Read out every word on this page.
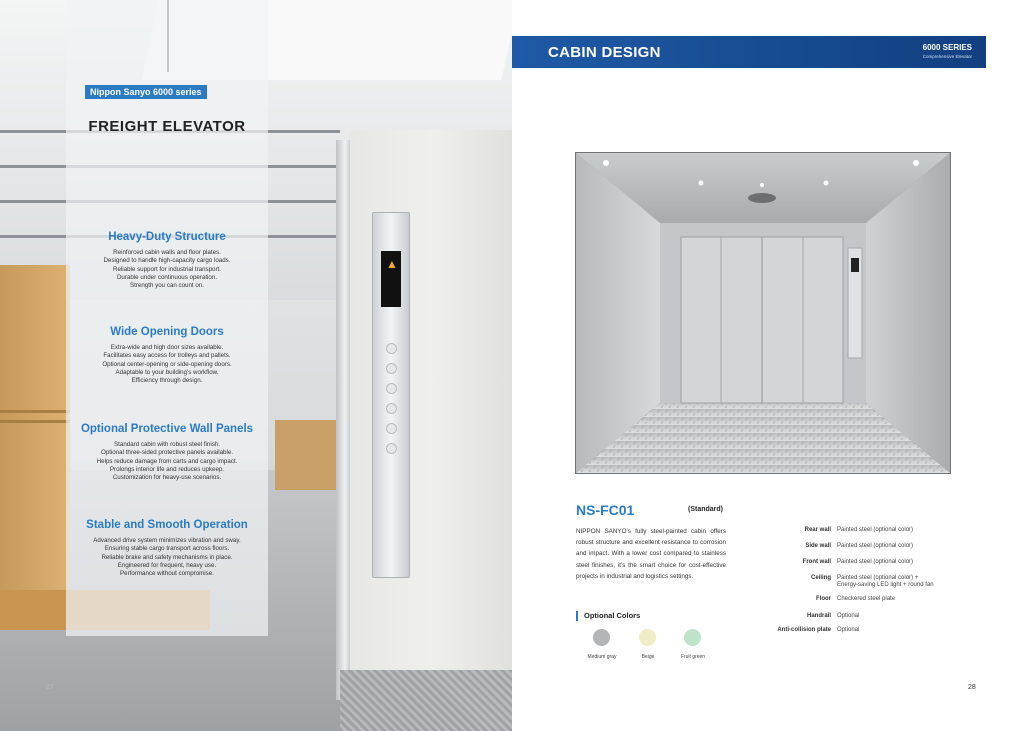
▲
Nippon Sanyo 6000 series
FREIGHT ELEVATOR
Heavy-Duty Structure
Reinforced cabin walls and floor plates.
Designed to handle high-capacity cargo loads.
Reliable support for industrial transport.
Durable under continuous operation.
Strength you can count on.
Wide Opening Doors
Extra-wide and high door sizes available.
Facilitates easy access for trolleys and pallets.
Optional center-opening or side-opening doors.
Adaptable to your building's workflow.
Efficiency through design.
Optional Protective Wall Panels
Standard cabin with robust steel finish.
Optional three-sided protective panels available.
Helps reduce damage from carts and cargo impact.
Prolongs interior life and reduces upkeep.
Customization for heavy-use scenarios.
Stable and Smooth Operation
Advanced drive system minimizes vibration and sway.
Ensuring stable cargo transport across floors.
Reliable brake and safety mechanisms in place.
Engineered for frequent, heavy use.
Performance without compromise.
27
CABIN DESIGN	6000 SERIES
Comprehensive Elevator
NS-FC01	(Standard)
NIPPON SANYO's fully steel-painted cabin offers robust structure and excellent resistance to corrosion and impact. With a lower cost compared to stainless steel finishes, it's the smart choice for cost-effective projects in industrial and logistics settings.
Rear wall Painted steel (optional color)
Side wall Painted steel (optional color)
Front wall Painted steel (optional color)
Ceiling Painted steel (optional color) +
Energy-saving LED light + round fan
Floor Checkered steel plate
Handrail Optional
Anti-collision plate Optional
Optional Colors
Medium gray	Beige	Fruit green
28
